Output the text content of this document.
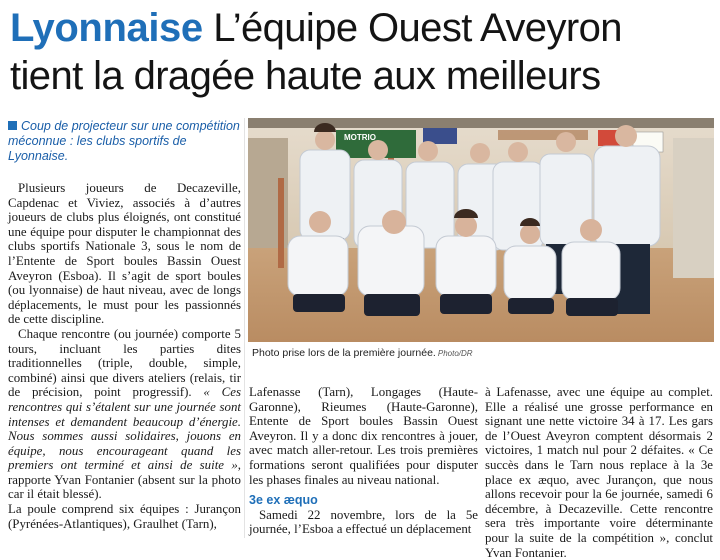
Lyonnaise L’équipe Ouest Aveyron
tient la dragée haute aux meilleurs
Coup de projecteur sur une compétition méconnue : les clubs sportifs de Lyonnaise.
MOTRIO
Photo prise lors de la première journée. Photo/DR

Plusieurs joueurs de Decazeville, Capdenac et Viviez, associés à d’autres joueurs de clubs plus éloignés, ont constitué une équipe pour disputer le championnat des clubs sportifs Nationale 3, sous le nom de l’Entente de Sport boules Bassin Ouest Aveyron (Esboa). Il s’agit de sport boules (ou lyonnaise) de haut niveau, avec de longs déplacements, le must pour les passionnés de cette discipline.

Chaque rencontre (ou journée) comporte 5 tours, incluant les parties dites traditionnelles (triple, double, simple, combiné) ainsi que divers ateliers (relais, tir de précision, point progressif). « Ces rencontres qui s’étalent sur une journée sont intenses et demandent beaucoup d’énergie. Nous sommes aussi solidaires, jouons en équipe, nous encourageant quand les premiers ont terminé et ainsi de suite », rapporte Yvan Fontanier (absent sur la photo car il était blessé).

La poule comprend six équipes : Jurançon (Pyrénées-Atlantiques), Graulhet (Tarn),

Lafenasse (Tarn), Longages (Haute-Garonne), Rieumes (Haute-Garonne), Entente de Sport boules Bassin Ouest Aveyron. Il y a donc dix rencontres à jouer, avec match aller-retour. Les trois premières formations seront qualifiées pour disputer les phases finales au niveau national.

3e ex æquo

Samedi 22 novembre, lors de la 5e journée, l’Esboa a effectué un déplacement

à Lafenasse, avec une équipe au complet. Elle a réalisé une grosse performance en signant une nette victoire 34 à 17. Les gars de l’Ouest Aveyron comptent désormais 2 victoires, 1 match nul pour 2 défaites. « Ce succès dans le Tarn nous replace à la 3e place ex æquo, avec Jurançon, que nous allons recevoir pour la 6e journée, samedi 6 décembre, à Decazeville. Cette rencontre sera très importante voire déterminante pour la suite de la compétition », conclut Yvan Fontanier.
